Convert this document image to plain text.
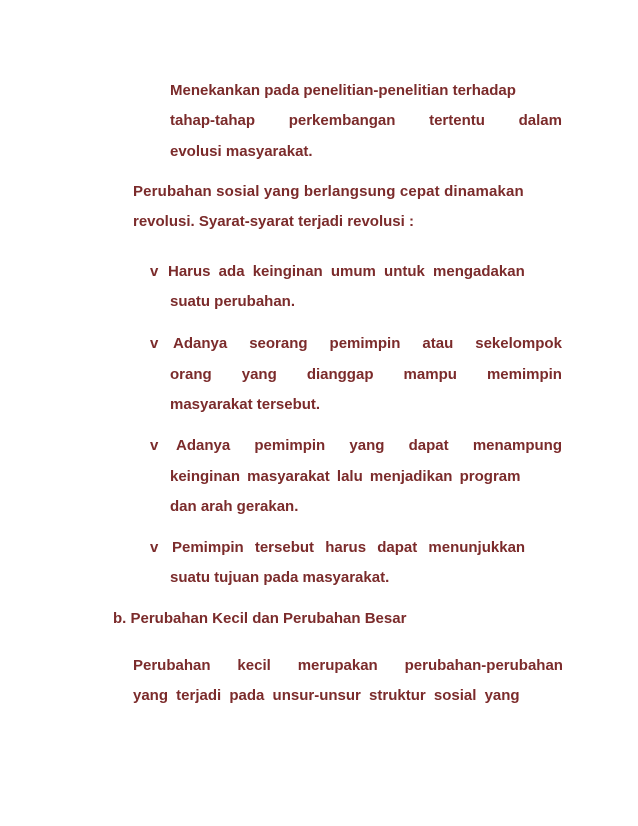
Menekankan pada penelitian-penelitian terhadap
tahap-tahap perkembangan tertentu dalam
evolusi masyarakat.
Perubahan sosial yang berlangsung cepat dinamakan
revolusi. Syarat-syarat terjadi revolusi :
v Harus ada keinginan umum untuk mengadakan
suatu perubahan.
v Adanya seorang pemimpin atau sekelompok
orang yang dianggap mampu memimpin
masyarakat tersebut.
v Adanya pemimpin yang dapat menampung
keinginan masyarakat lalu menjadikan program
dan arah gerakan.
v Pemimpin tersebut harus dapat menunjukkan
suatu tujuan pada masyarakat.
b. Perubahan Kecil dan Perubahan Besar
Perubahan kecil merupakan perubahan-perubahan
yang terjadi pada unsur-unsur struktur sosial yang
